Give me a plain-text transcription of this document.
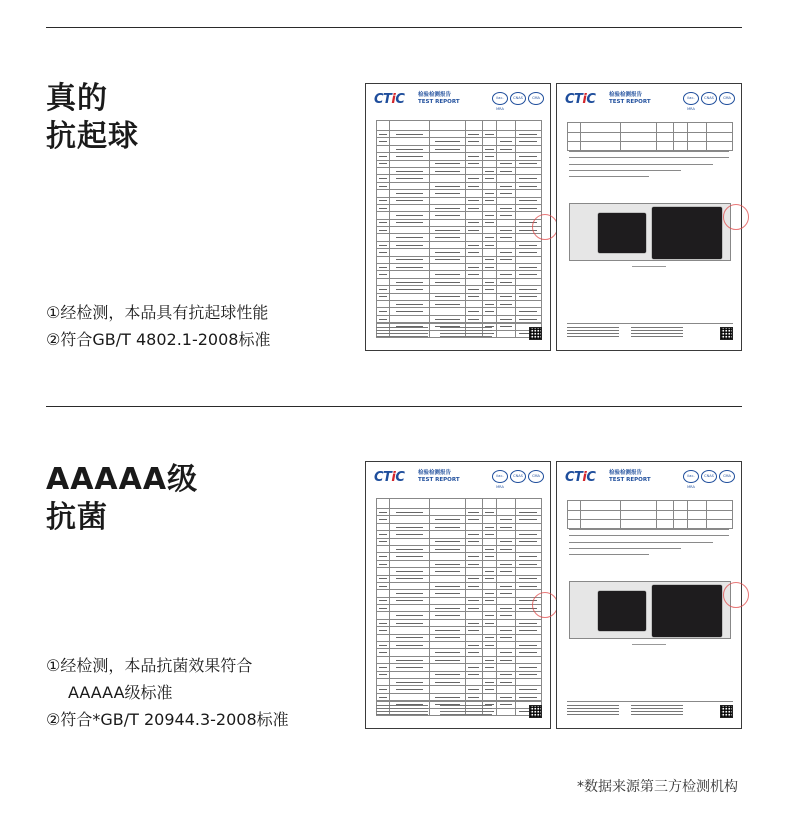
真的
抗起球
①经检测，本品具有抗起球性能
②符合GB/T 4802.1-2008标准
CTiC 检验检测报告
TEST REPORT
ilac-MRA
CNAS	CMA

							CTiC 检验检测报告
TEST REPORT
ilac-MRA
CNAS	CMA

AAAAA级
抗菌
①经检测，本品抗菌效果符合
AAAAA级标准
②符合*GB/T 20944.3-2008标准
CTiC 检验检测报告
TEST REPORT
ilac-MRA
CNAS	CMA

							CTiC 检验检测报告
TEST REPORT
ilac-MRA
CNAS	CMA

*数据来源第三方检测机构
